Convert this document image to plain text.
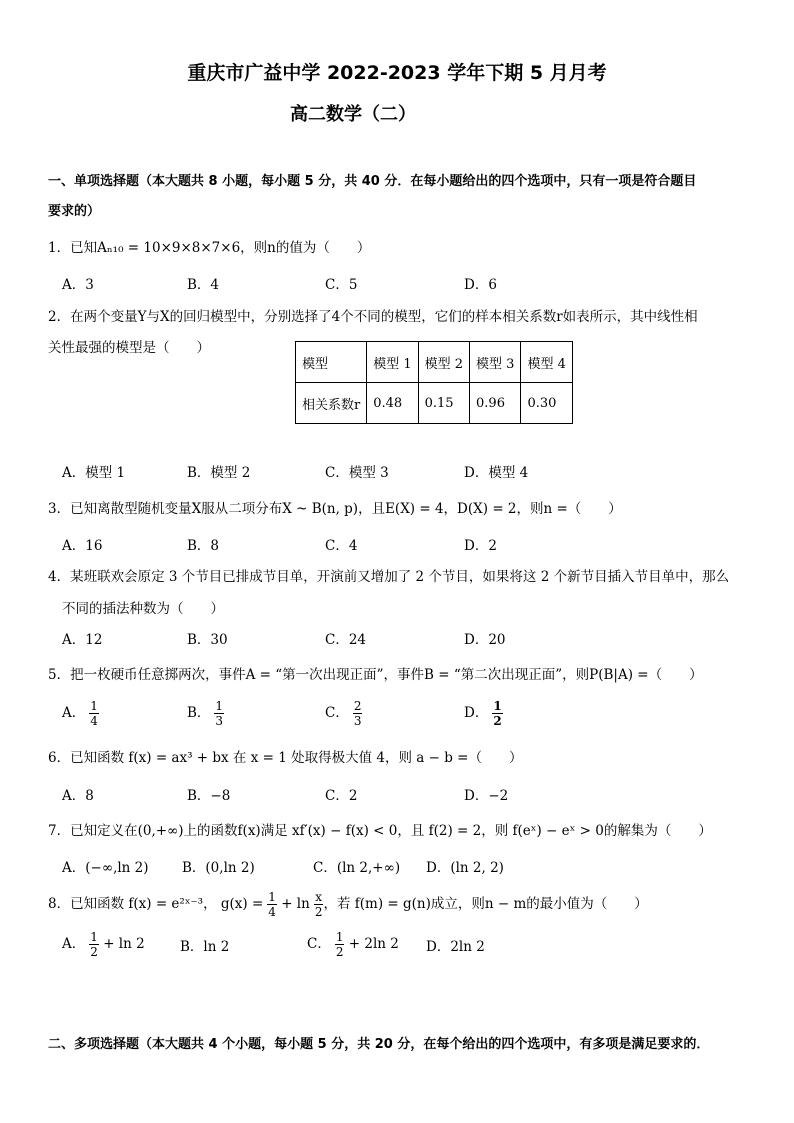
重庆市广益中学 2022-2023 学年下期 5 月月考
高二数学（二）
一、单项选择题（本大题共 8 小题，每小题 5 分，共 40 分．在每小题给出的四个选项中，只有一项是符合题目
要求的）
1．已知Aₙ₁₀ = 10×9×8×7×6，则n的值为（　　）
A．3	B．4	C．5	D．6
2．在两个变量Y与X的回归模型中，分别选择了4个不同的模型，它们的样本相关系数r如表所示，其中线性相
关性最强的模型是（　　）
模型	模型 1	模型 2	模型 3	模型 4
相关系数r	0.48	0.15	0.96	0.30
A．模型 1	B．模型 2	C．模型 3	D．模型 4
3．已知离散型随机变量X服从二项分布X ~ B(n, p)，且E(X) = 4，D(X) = 2，则n =（　　）
A．16	B．8	C．4	D．2
4．某班联欢会原定 3 个节目已排成节目单，开演前又增加了 2 个节目，如果将这 2 个新节目插入节目单中，那么
不同的插法种数为（　　）
A．12	B．30	C．24	D．20
5．把一枚硬币任意掷两次，事件A = “第一次出现正面”，事件B = “第二次出现正面”，则P(B|A) =（　　）
A． $\frac{1}{4}$	B． $\frac{1}{3}$	C． $\frac{2}{3}$	D． $\frac{1}{2}$
6．已知函数 f(x) = ax³ + bx 在 x = 1 处取得极大值 4，则 a − b =（　　）
A．8	B．−8	C．2	D．−2
7．已知定义在(0,+∞)上的函数f(x)满足 xf′(x) − f(x) < 0，且 f(2) = 2，则 f(eˣ) − eˣ > 0的解集为（　　）
A．(−∞,ln 2) B．(0,ln 2)	C．(ln 2,+∞) D．(ln 2, 2)
8．已知函数 f(x) = e²ˣ⁻³， $g(x) = \frac{1}{4} + \ln \frac{x}{2}$ ，若 f(m) = g(n)成立，则n − m的最小值为（　　）
A． $\frac{1}{2} + \ln 2$	B．ln 2	C． $\frac{1}{2} + 2\ln$ 2 D．2ln 2
二、多项选择题（本大题共 4 个小题，每小题 5 分，共 20 分，在每个给出的四个选项中，有多项是满足要求的．
